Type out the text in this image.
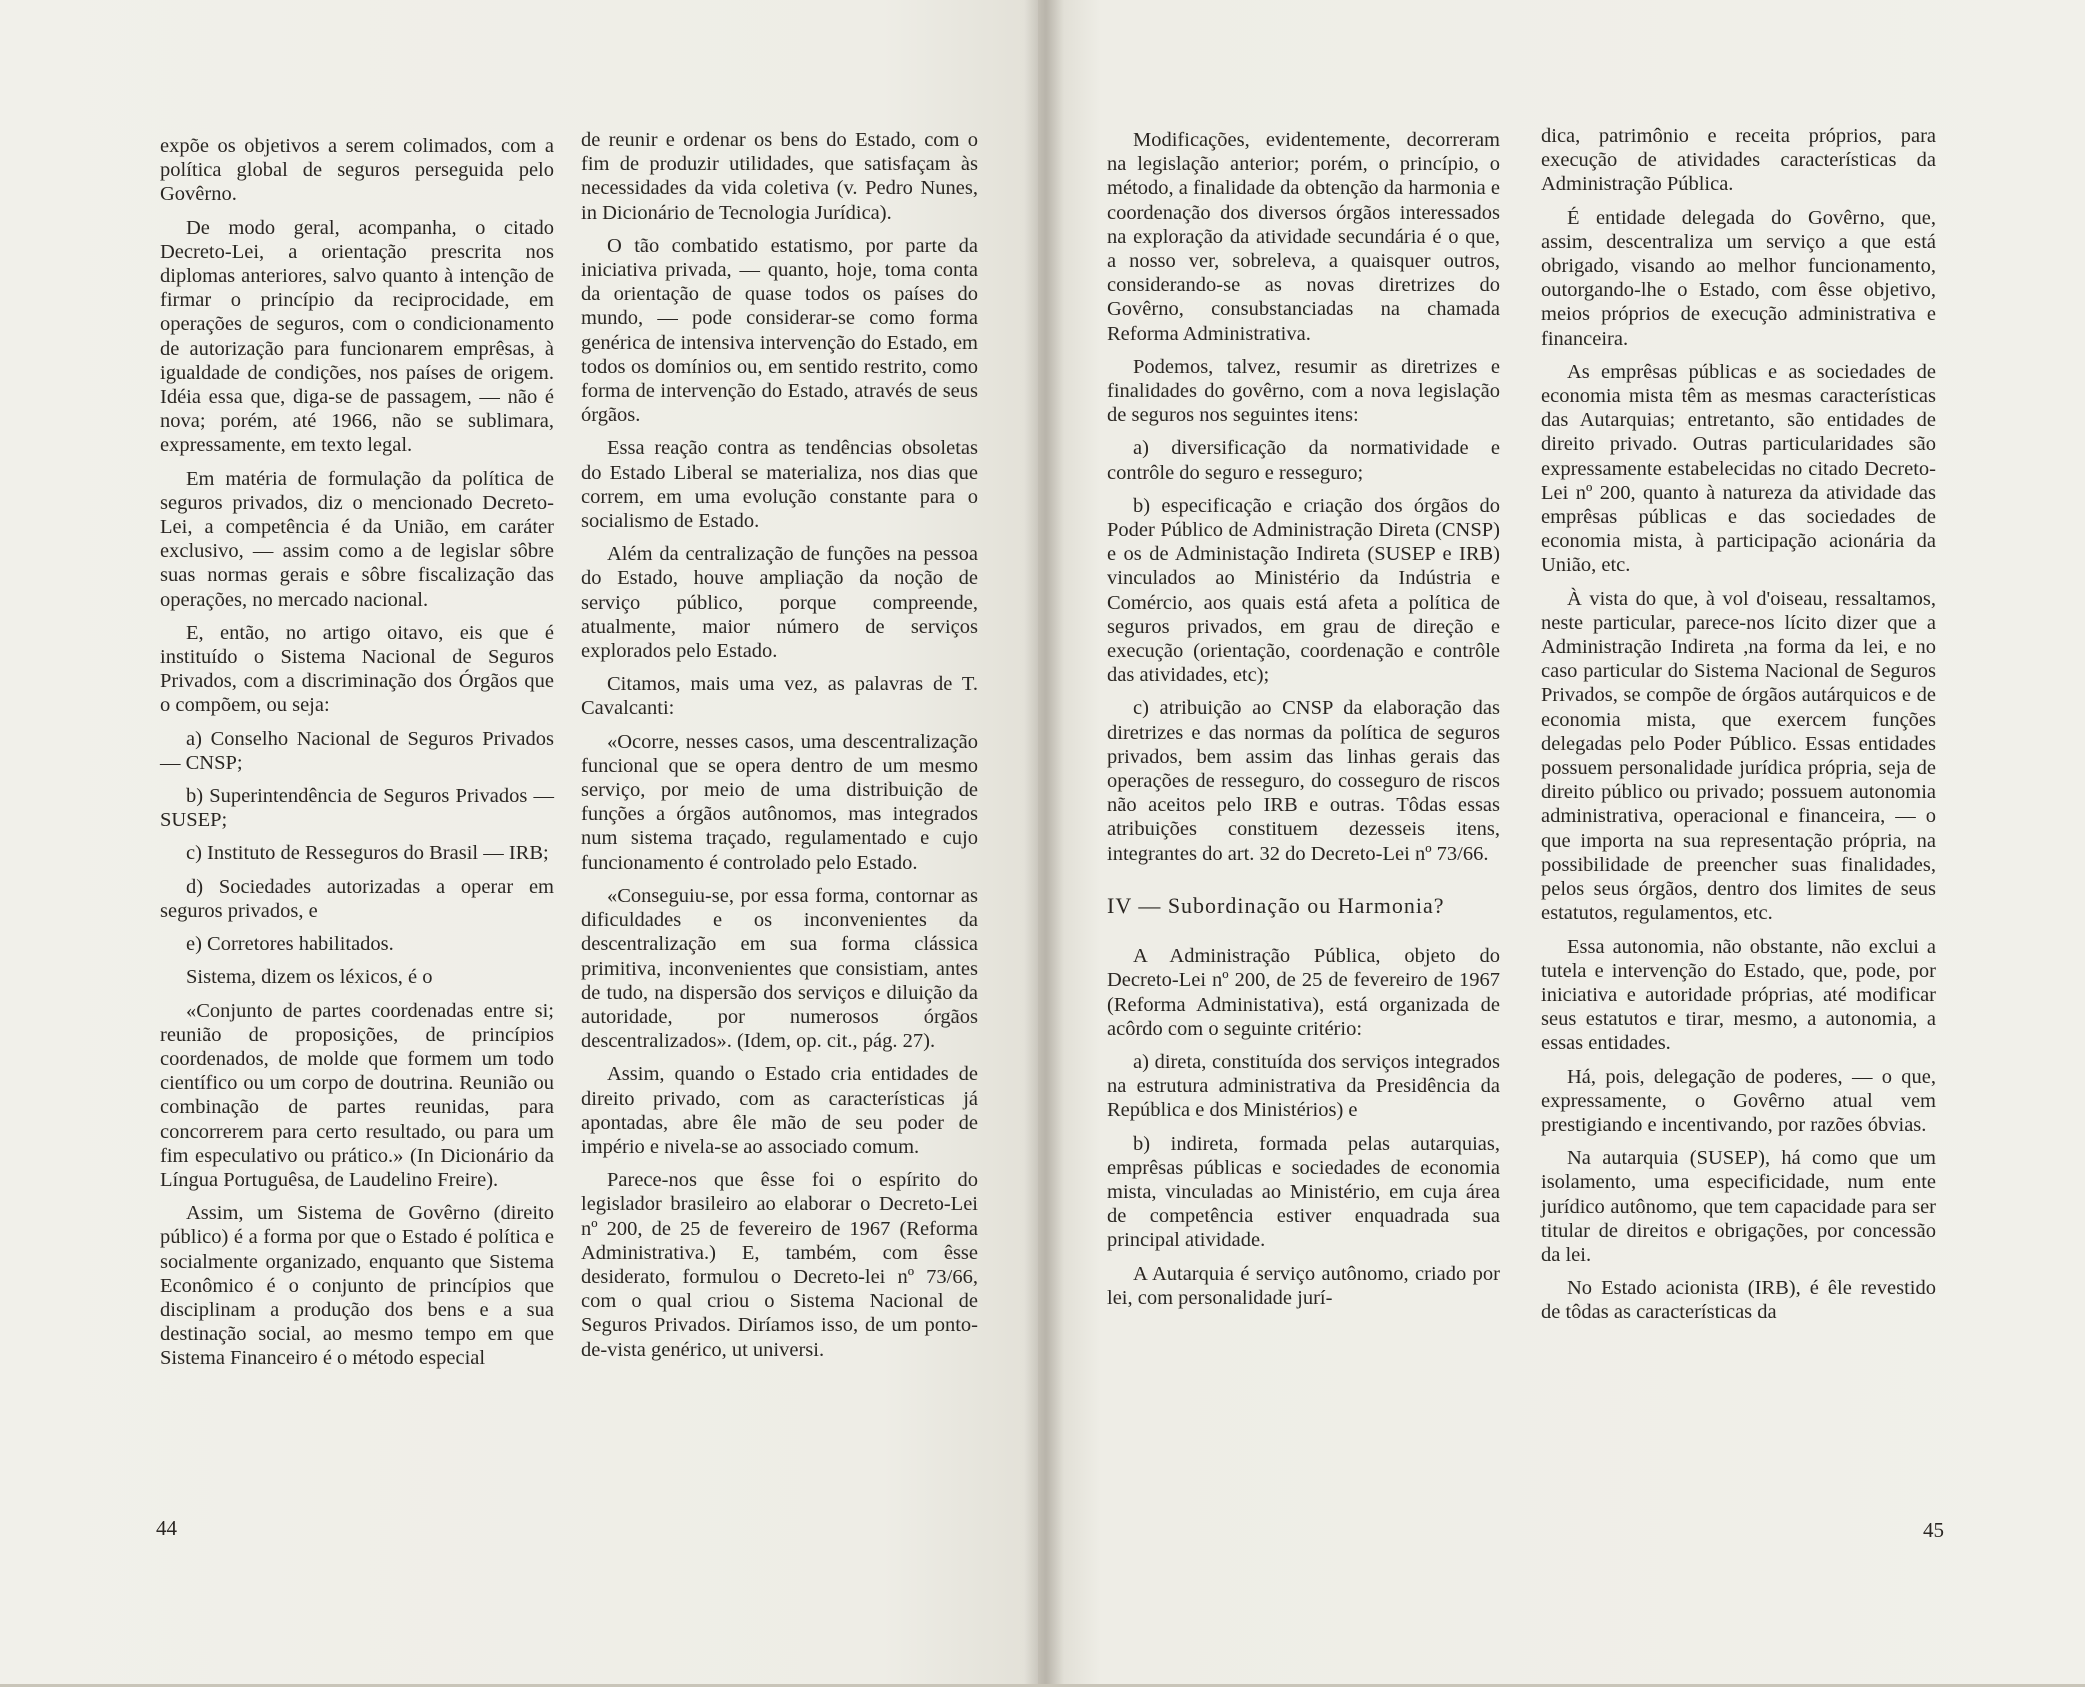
expõe os objetivos a serem colimados, com a política global de seguros perseguida pelo Govêrno.

De modo geral, acompanha, o citado Decreto-Lei, a orientação prescrita nos diplomas anteriores, salvo quanto à intenção de firmar o princípio da reciprocidade, em operações de seguros, com o condicionamento de autorização para funcionarem emprêsas, à igualdade de condições, nos países de origem. Idéia essa que, diga-se de passagem, — não é nova; porém, até 1966, não se sublimara, expressamente, em texto legal.

Em matéria de formulação da política de seguros privados, diz o mencionado Decreto-Lei, a competência é da União, em caráter exclusivo, — assim como a de legislar sôbre suas normas gerais e sôbre fiscalização das operações, no mercado nacional.

E, então, no artigo oitavo, eis que é instituído o Sistema Nacional de Seguros Privados, com a discriminação dos Órgãos que o compõem, ou seja:

a) Conselho Nacional de Seguros Privados — CNSP;

b) Superintendência de Seguros Privados — SUSEP;

c) Instituto de Resseguros do Brasil — IRB;

d) Sociedades autorizadas a operar em seguros privados, e

e) Corretores habilitados.

Sistema, dizem os léxicos, é o

«Conjunto de partes coordenadas entre si; reunião de proposições, de princípios coordenados, de molde que formem um todo científico ou um corpo de doutrina. Reunião ou combinação de partes reunidas, para concorrerem para certo resultado, ou para um fim especulativo ou prático.» (In Dicionário da Língua Portuguêsa, de Laudelino Freire).

Assim, um Sistema de Govêrno (direito público) é a forma por que o Estado é política e socialmente organizado, enquanto que Sistema Econômico é o conjunto de princípios que disciplinam a produção dos bens e a sua destinação social, ao mesmo tempo em que Sistema Financeiro é o método especial

de reunir e ordenar os bens do Estado, com o fim de produzir utilidades, que satisfaçam às necessidades da vida coletiva (v. Pedro Nunes, in Dicionário de Tecnologia Jurídica).

O tão combatido estatismo, por parte da iniciativa privada, — quanto, hoje, toma conta da orientação de quase todos os países do mundo, — pode considerar-se como forma genérica de intensiva intervenção do Estado, em todos os domínios ou, em sentido restrito, como forma de intervenção do Estado, através de seus órgãos.

Essa reação contra as tendências obsoletas do Estado Liberal se materializa, nos dias que correm, em uma evolução constante para o socialismo de Estado.

Além da centralização de funções na pessoa do Estado, houve ampliação da noção de serviço público, porque compreende, atualmente, maior número de serviços explorados pelo Estado.

Citamos, mais uma vez, as palavras de T. Cavalcanti:

«Ocorre, nesses casos, uma descentralização funcional que se opera dentro de um mesmo serviço, por meio de uma distribuição de funções a órgãos autônomos, mas integrados num sistema traçado, regulamentado e cujo funcionamento é controlado pelo Estado.

«Conseguiu-se, por essa forma, contornar as dificuldades e os inconvenientes da descentralização em sua forma clássica primitiva, inconvenientes que consistiam, antes de tudo, na dispersão dos serviços e diluição da autoridade, por numerosos órgãos descentralizados». (Idem, op. cit., pág. 27).

Assim, quando o Estado cria entidades de direito privado, com as características já apontadas, abre êle mão de seu poder de império e nivela-se ao associado comum.

Parece-nos que êsse foi o espírito do legislador brasileiro ao elaborar o Decreto-Lei nº 200, de 25 de fevereiro de 1967 (Reforma Administrativa.) E, também, com êsse desiderato, formulou o Decreto-lei nº 73/66, com o qual criou o Sistema Nacional de Seguros Privados. Diríamos isso, de um ponto-de-vista genérico, ut universi.

44

Modificações, evidentemente, decorreram na legislação anterior; porém, o princípio, o método, a finalidade da obtenção da harmonia e coordenação dos diversos órgãos interessados na exploração da atividade secundária é o que, a nosso ver, sobreleva, a quaisquer outros, considerando-se as novas diretrizes do Govêrno, consubstanciadas na chamada Reforma Administrativa.

Podemos, talvez, resumir as diretrizes e finalidades do govêrno, com a nova legislação de seguros nos seguintes itens:

a) diversificação da normatividade e contrôle do seguro e resseguro;

b) especificação e criação dos órgãos do Poder Público de Administração Direta (CNSP) e os de Administação Indireta (SUSEP e IRB) vinculados ao Ministério da Indústria e Comércio, aos quais está afeta a política de seguros privados, em grau de direção e execução (orientação, coordenação e contrôle das atividades, etc);

c) atribuição ao CNSP da elaboração das diretrizes e das normas da política de seguros privados, bem assim das linhas gerais das operações de resseguro, do cosseguro de riscos não aceitos pelo IRB e outras. Tôdas essas atribuições constituem dezesseis itens, integrantes do art. 32 do Decreto-Lei nº 73/66.

IV — Subordinação ou Harmonia?

A Administração Pública, objeto do Decreto-Lei nº 200, de 25 de fevereiro de 1967 (Reforma Administativa), está organizada de acôrdo com o seguinte critério:

a) direta, constituída dos serviços integrados na estrutura administrativa da Presidência da República e dos Ministérios) e

b) indireta, formada pelas autarquias, emprêsas públicas e sociedades de economia mista, vinculadas ao Ministério, em cuja área de competência estiver enquadrada sua principal atividade.

A Autarquia é serviço autônomo, criado por lei, com personalidade jurí-

dica, patrimônio e receita próprios, para execução de atividades características da Administração Pública.

É entidade delegada do Govêrno, que, assim, descentraliza um serviço a que está obrigado, visando ao melhor funcionamento, outorgando-lhe o Estado, com êsse objetivo, meios próprios de execução administrativa e financeira.

As emprêsas públicas e as sociedades de economia mista têm as mesmas características das Autarquias; entretanto, são entidades de direito privado. Outras particularidades são expressamente estabelecidas no citado Decreto-Lei nº 200, quanto à natureza da atividade das emprêsas públicas e das sociedades de economia mista, à participação acionária da União, etc.

À vista do que, à vol d'oiseau, ressaltamos, neste particular, parece-nos lícito dizer que a Administração Indireta ,na forma da lei, e no caso particular do Sistema Nacional de Seguros Privados, se compõe de órgãos autárquicos e de economia mista, que exercem funções delegadas pelo Poder Público. Essas entidades possuem personalidade jurídica própria, seja de direito público ou privado; possuem autonomia administrativa, operacional e financeira, — o que importa na sua representação própria, na possibilidade de preencher suas finalidades, pelos seus órgãos, dentro dos limites de seus estatutos, regulamentos, etc.

Essa autonomia, não obstante, não exclui a tutela e intervenção do Estado, que, pode, por iniciativa e autoridade próprias, até modificar seus estatutos e tirar, mesmo, a autonomia, a essas entidades.

Há, pois, delegação de poderes, — o que, expressamente, o Govêrno atual vem prestigiando e incentivando, por razões óbvias.

Na autarquia (SUSEP), há como que um isolamento, uma especificidade, num ente jurídico autônomo, que tem capacidade para ser titular de direitos e obrigações, por concessão da lei.

No Estado acionista (IRB), é êle revestido de tôdas as características da

45
